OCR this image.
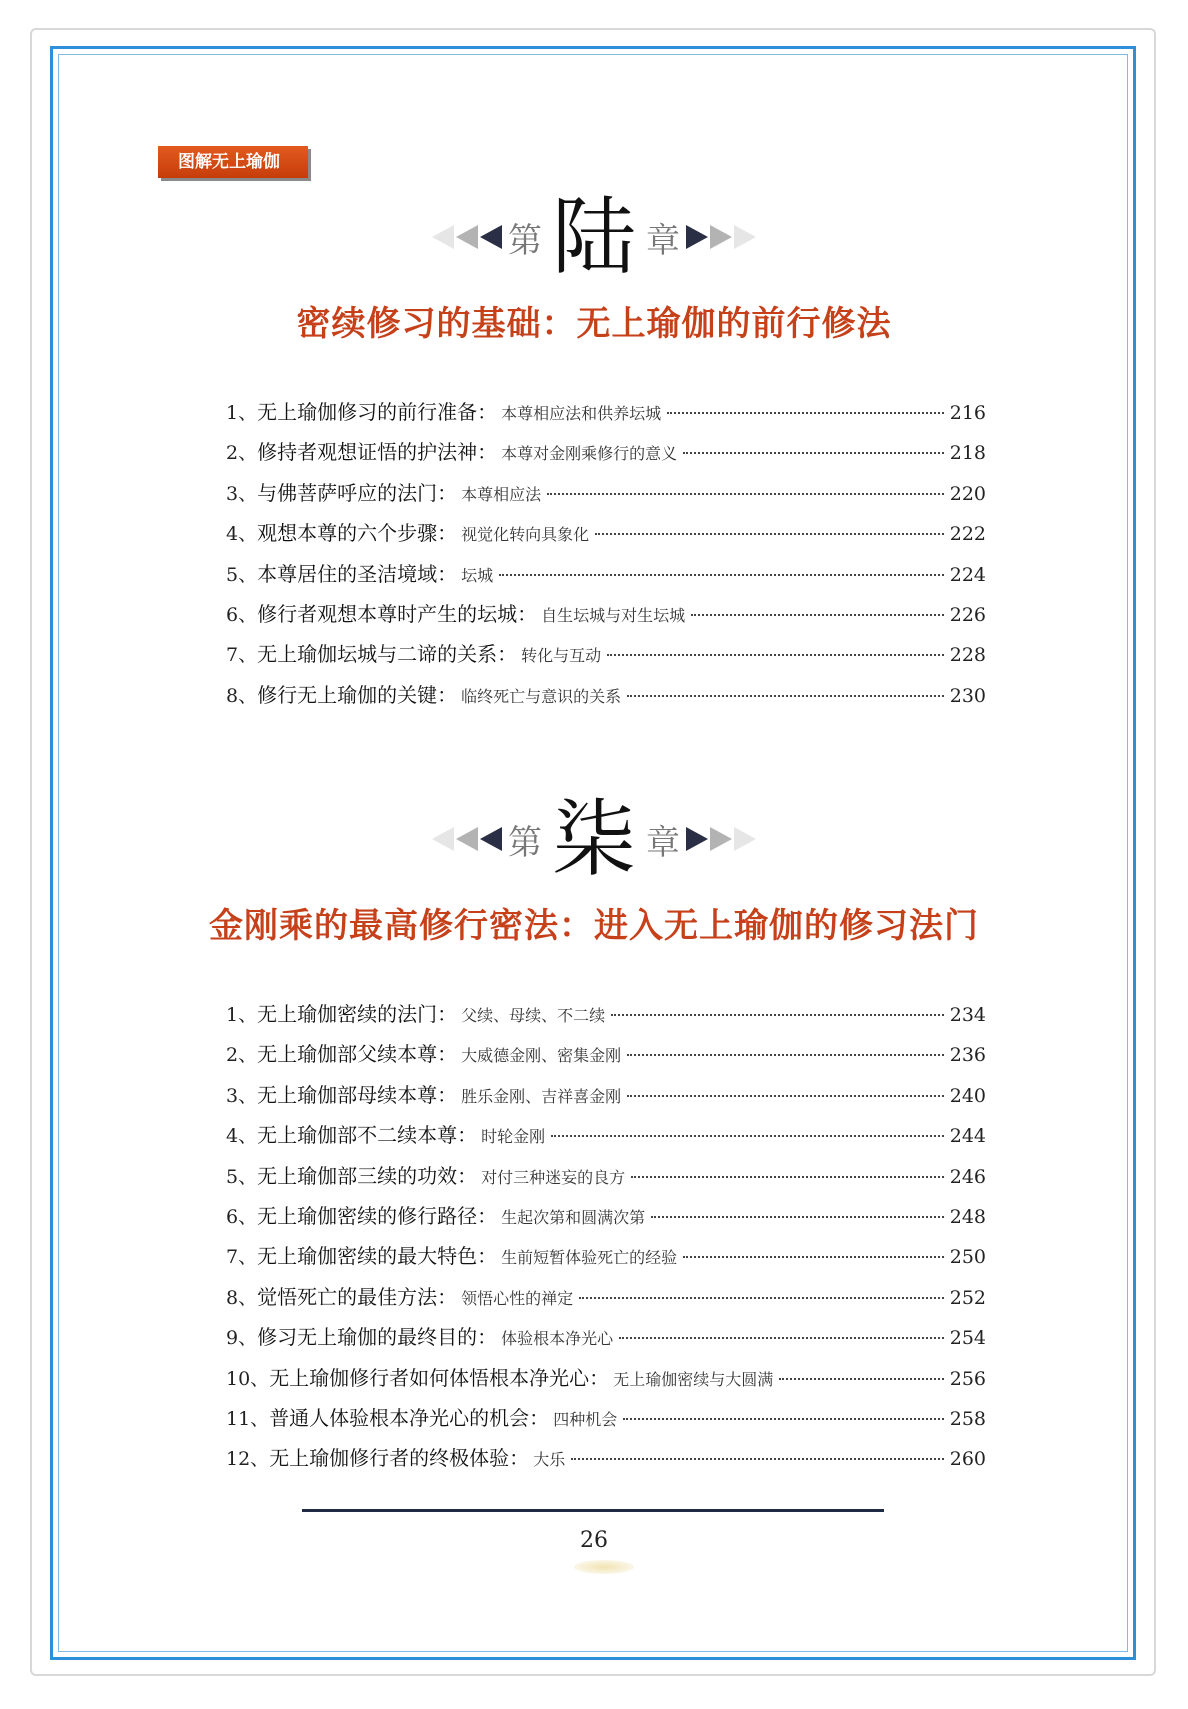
图解无上瑜伽
第 陆 章
密续修习的基础：无上瑜伽的前行修法
1、 无上瑜伽修习的前行准备： 本尊相应法和供养坛城	216
2、 修持者观想证悟的护法神： 本尊对金刚乘修行的意义	218
3、 与佛菩萨呼应的法门： 本尊相应法	220
4、 观想本尊的六个步骤： 视觉化转向具象化	222
5、 本尊居住的圣洁境域： 坛城	224
6、 修行者观想本尊时产生的坛城： 自生坛城与对生坛城	226
7、 无上瑜伽坛城与二谛的关系： 转化与互动	228
8、 修行无上瑜伽的关键： 临终死亡与意识的关系	230
第 柒 章
金刚乘的最高修行密法：进入无上瑜伽的修习法门
1、 无上瑜伽密续的法门： 父续、母续、不二续	234
2、 无上瑜伽部父续本尊： 大威德金刚、密集金刚	236
3、 无上瑜伽部母续本尊： 胜乐金刚、吉祥喜金刚	240
4、 无上瑜伽部不二续本尊： 时轮金刚	244
5、 无上瑜伽部三续的功效： 对付三种迷妄的良方	246
6、 无上瑜伽密续的修行路径： 生起次第和圆满次第	248
7、 无上瑜伽密续的最大特色： 生前短暂体验死亡的经验	250
8、 觉悟死亡的最佳方法： 领悟心性的禅定	252
9、 修习无上瑜伽的最终目的： 体验根本净光心	254
10、 无上瑜伽修行者如何体悟根本净光心： 无上瑜伽密续与大圆满	256
11、 普通人体验根本净光心的机会： 四种机会	258
12、 无上瑜伽修行者的终极体验： 大乐	260
26
